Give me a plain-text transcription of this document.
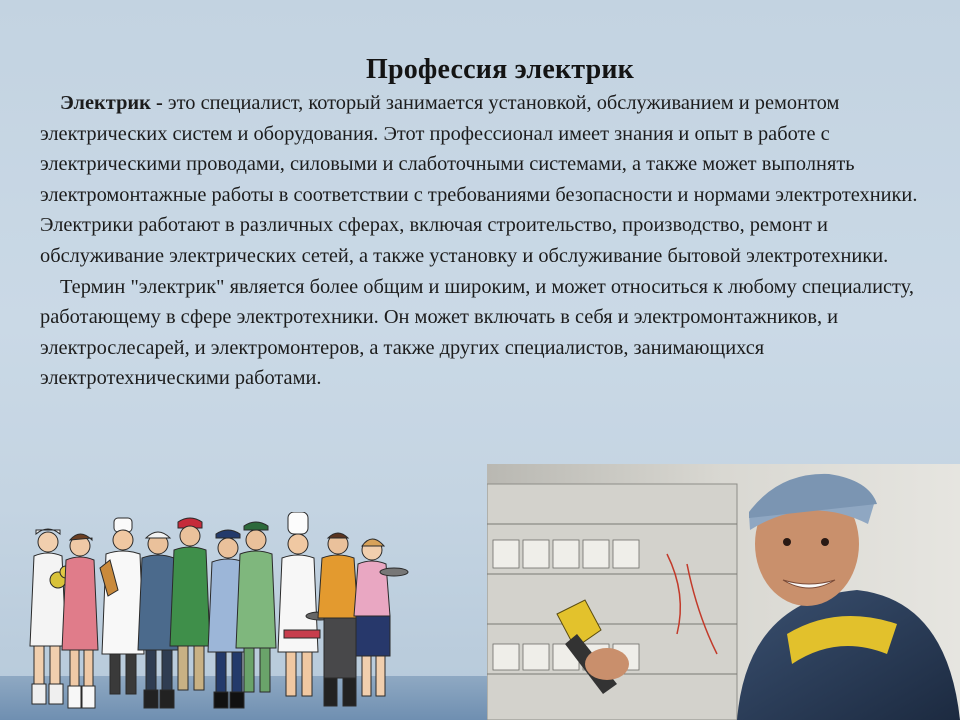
Профессия электрик

Электрик - это специалист, который занимается установкой, обслуживанием и ремонтом электрических систем и оборудования. Этот профессионал имеет знания и опыт в работе с электрическими проводами, силовыми и слаботочными системами, а также может выполнять электромонтажные работы в соответствии с требованиями безопасности и нормами электротехники. Электрики работают в различных сферах, включая строительство, производство, ремонт и обслуживание электрических сетей, а также установку и обслуживание бытовой электротехники.

Термин "электрик" является более общим и широким, и может относиться к любому специалисту, работающему в сфере электротехники. Он может включать в себя и электромонтажников, и электрослесарей, и электромонтеров, а также других специалистов, занимающихся электротехническими работами.
